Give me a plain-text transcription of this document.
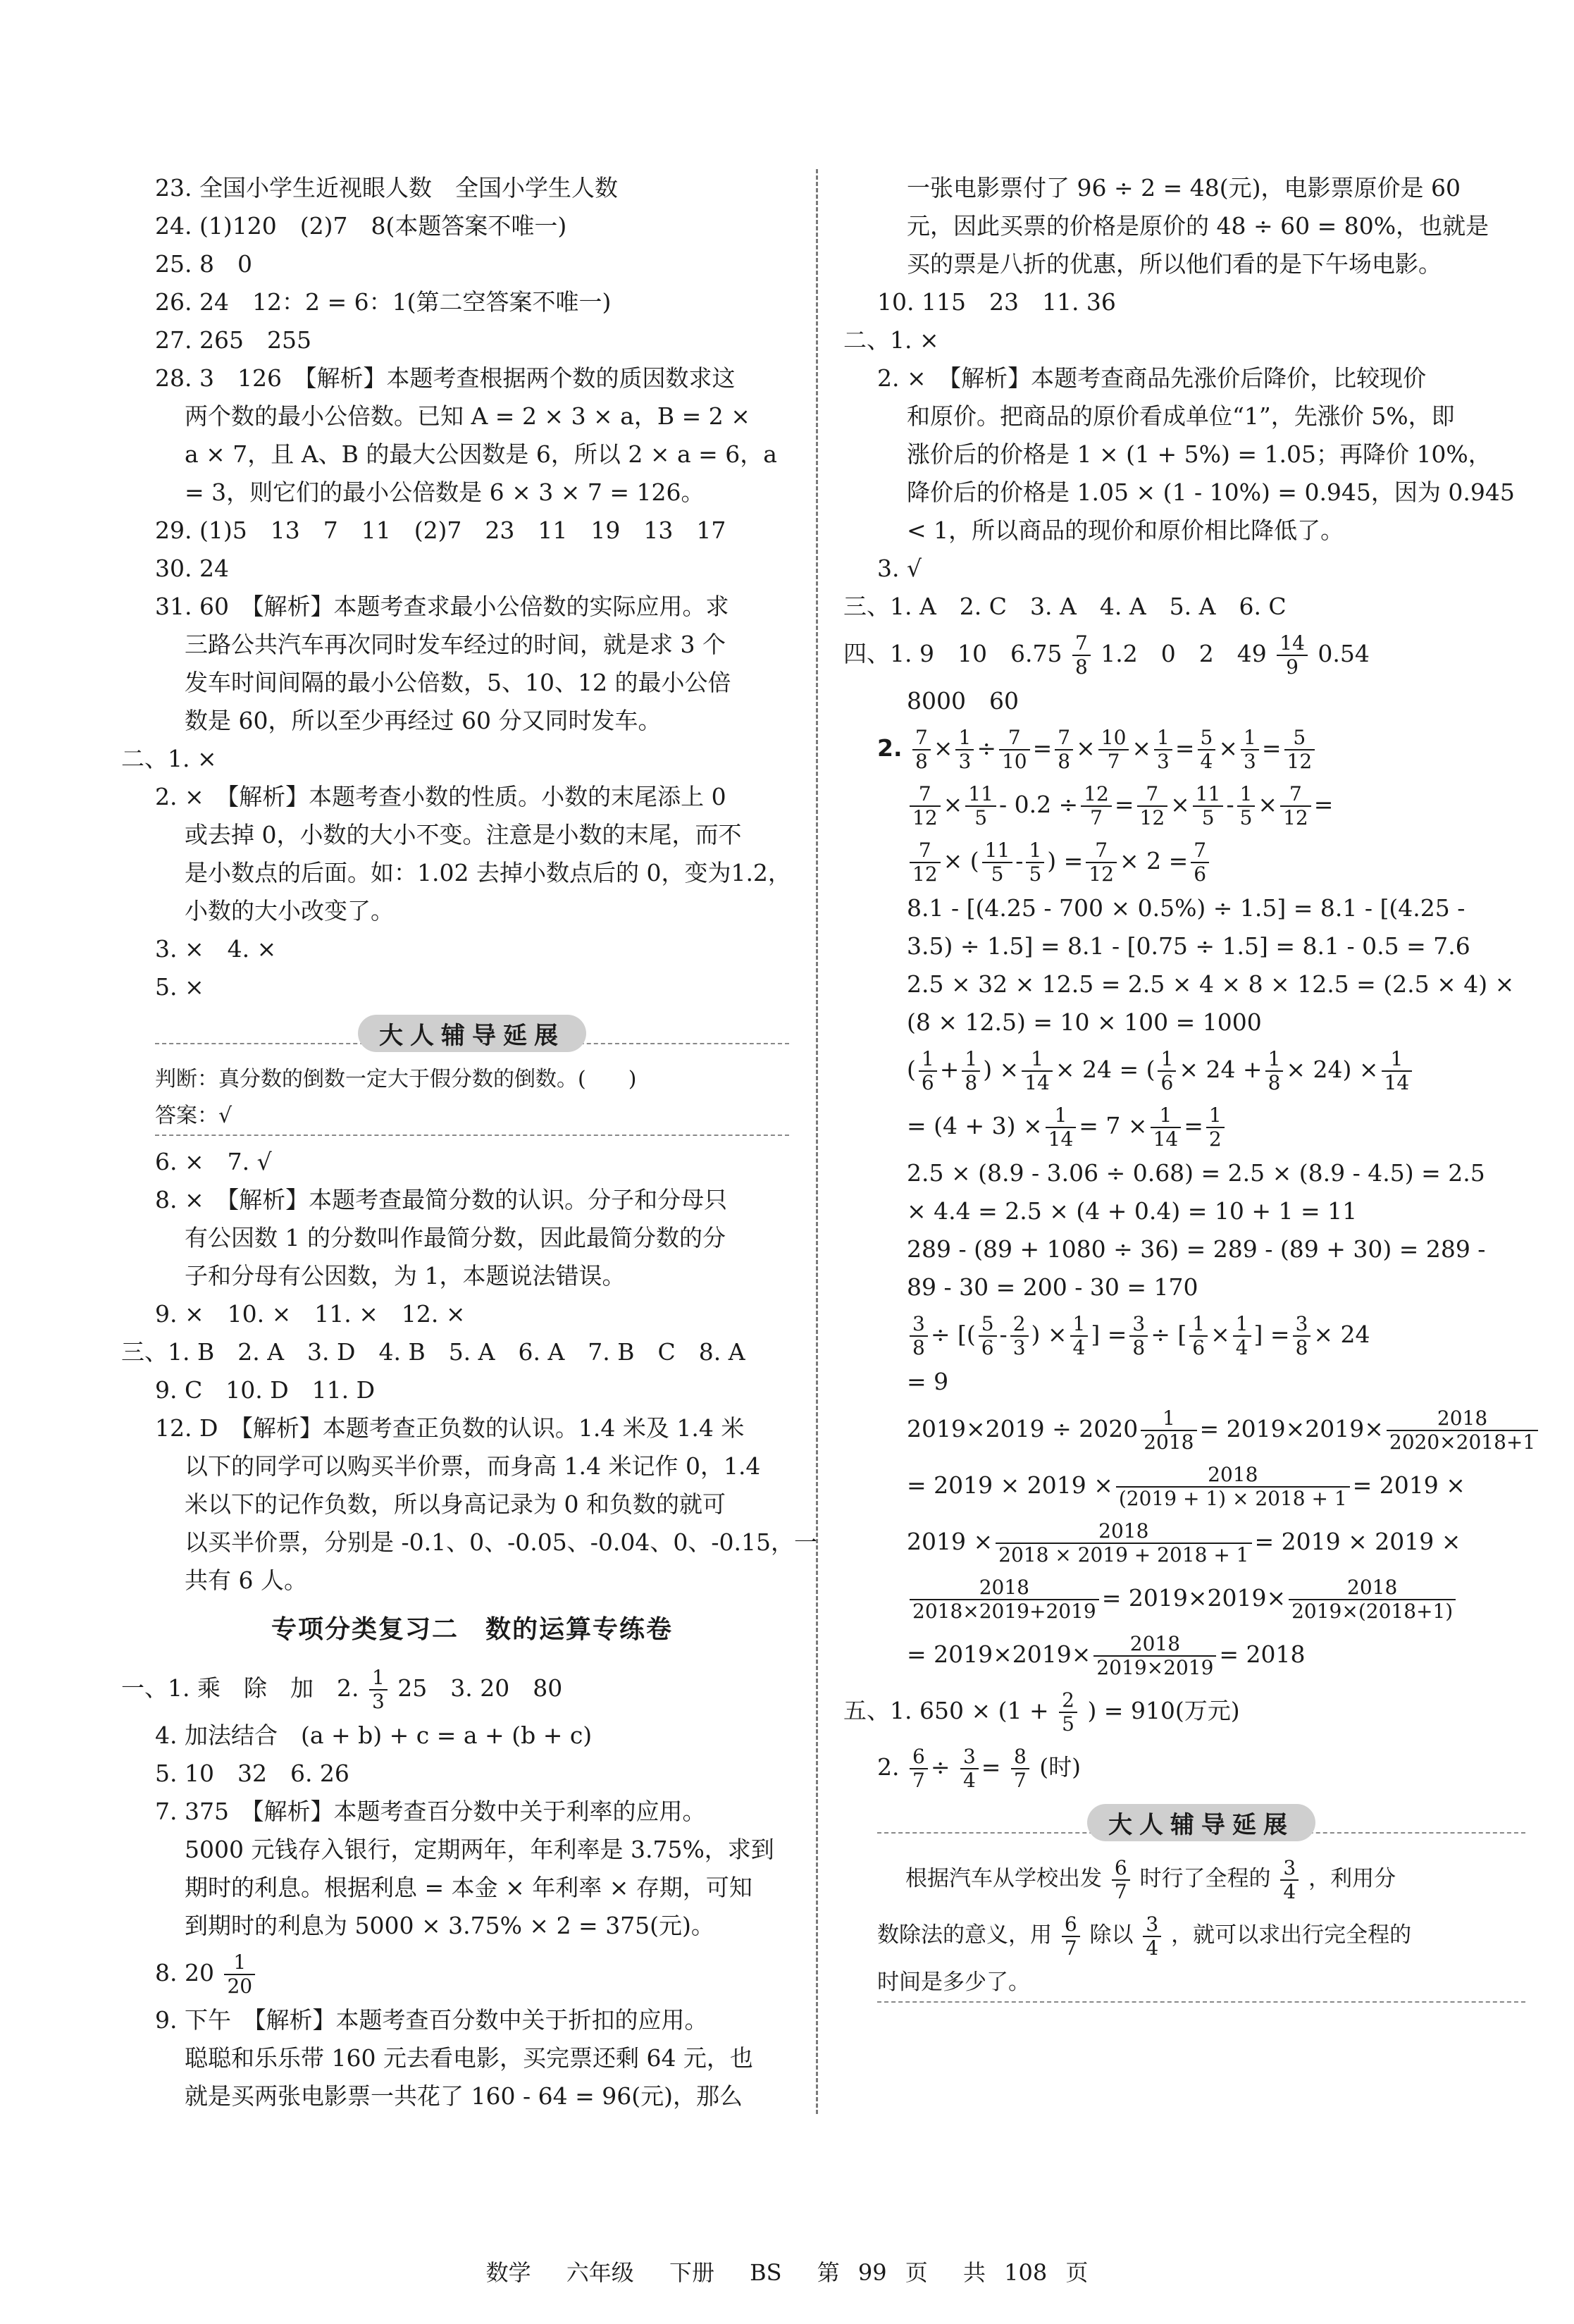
23. 全国小学生近视眼人数　全国小学生人数
24. (1)120　(2)7　8(本题答案不唯一)
25. 8　0
26. 24　12：2 = 6：1(第二空答案不唯一)
27. 265　255
28. 3　126　【解析】本题考查根据两个数的质因数求这
两个数的最小公倍数。已知 A = 2 × 3 × a，B = 2 ×
a × 7，且 A、B 的最大公因数是 6，所以 2 × a = 6，a
= 3，则它们的最小公倍数是 6 × 3 × 7 = 126。
29. (1)5　13　7　11　(2)7　23　11　19　13　17
30. 24
31. 60　【解析】本题考查求最小公倍数的实际应用。求
三路公共汽车再次同时发车经过的时间，就是求 3 个
发车时间间隔的最小公倍数，5、10、12 的最小公倍
数是 60，所以至少再经过 60 分又同时发车。
二、1. ×
2. ×　【解析】本题考查小数的性质。小数的末尾添上 0
或去掉 0，小数的大小不变。注意是小数的末尾，而不
是小数点的后面。如：1.02 去掉小数点后的 0，变为1.2，
小数的大小改变了。
3. ×　4. ×
5. ×
大人辅导延展
判断：真分数的倒数一定大于假分数的倒数。(　　)
答案：√
6. ×　7. √
8. ×　【解析】本题考查最简分数的认识。分子和分母只
有公因数 1 的分数叫作最简分数，因此最简分数的分
子和分母有公因数，为 1，本题说法错误。
9. ×　10. ×　11. ×　12. ×
三、1. B　2. A　3. D　4. B　5. A　6. A　7. B　C　8. A
9. C　10. D　11. D
12. D　【解析】本题考查正负数的认识。1.4 米及 1.4 米
以下的同学可以购买半价票，而身高 1.4 米记作 0，1.4
米以下的记作负数，所以身高记录为 0 和负数的就可
以买半价票，分别是 -0.1、0、-0.05、-0.04、0、-0.15，一
共有 6 人。
专项分类复习二　数的运算专练卷
一、1. 乘　除　加　2. $\frac{1}{3} 25$　3. 20　80
4. 加法结合　(a + b) + c = a + (b + c)
5. 10　32　6. 26
7. 375　【解析】本题考查百分数中关于利率的应用。
5000 元钱存入银行，定期两年，年利率是 3.75%，求到
期时的利息。根据利息 = 本金 × 年利率 × 存期，可知
到期时的利息为 5000 × 3.75% × 2 = 375(元)。
8. $20 \frac{1}{20}$
9. 下午　【解析】本题考查百分数中关于折扣的应用。
聪聪和乐乐带 160 元去看电影，买完票还剩 64 元，也
就是买两张电影票一共花了 160 - 64 = 96(元)，那么
一张电影票付了 96 ÷ 2 = 48(元)，电影票原价是 60
元，因此买票的价格是原价的 48 ÷ 60 = 80%，也就是
买的票是八折的优惠，所以他们看的是下午场电影。
10. 115　23　11. 36
二、1. ×
2. ×　【解析】本题考查商品先涨价后降价，比较现价
和原价。把商品的原价看成单位“1”，先涨价 5%，即
涨价后的价格是 1 × (1 + 5%) = 1.05；再降价 10%，
降价后的价格是 1.05 × (1 - 10%) = 0.945，因为 0.945
< 1，所以商品的现价和原价相比降低了。
3. √
三、1. A　2. C　3. A　4. A　5. A　6. C
四、1. 9　10　$6.75 \frac{7}{8} 1.2$　0　2　$49 \frac{14}{9} 0.54$
8000　60
2. $\frac{7}{8} \times \frac{1}{3} \div \frac{7}{10} = \frac{7}{8} \times \frac{10}{7} \times \frac{1}{3} = \frac{5}{4} \times \frac{1}{3} = \frac{5}{12}$
$\frac{7}{12} \times \frac{11}{5} - 0.2 \div \frac{12}{7} = \frac{7}{12} \times \frac{11}{5} - \frac{1}{5} \times \frac{7}{12}$ =
$\frac{7}{12}$ × ( $\frac{11}{5} - \frac{1}{5}$ ) = $\frac{7}{12} \times 2 = \frac{7}{6}$
8.1 - [(4.25 - 700 × 0.5%) ÷ 1.5] = 8.1 - [(4.25 -
3.5) ÷ 1.5] = 8.1 - [0.75 ÷ 1.5] = 8.1 - 0.5 = 7.6
2.5 × 32 × 12.5 = 2.5 × 4 × 8 × 12.5 = (2.5 × 4) ×
(8 × 12.5) = 10 × 100 = 1000
( $\frac{1}{6} + \frac{1}{8}$ ) × $\frac{1}{14} \times 24$ = ( $\frac{1}{6} \times 24 + \frac{1}{8} \times 24) \times \frac{1}{14}$
= $(4 + 3) \times \frac{1}{14} = 7 \times \frac{1}{14} = \frac{1}{2}$
2.5 × (8.9 - 3.06 ÷ 0.68) = 2.5 × (8.9 - 4.5) = 2.5
× 4.4 = 2.5 × (4 + 0.4) = 10 + 1 = 11
289 - (89 + 1080 ÷ 36) = 289 - (89 + 30) = 289 -
89 - 30 = 200 - 30 = 170
$\frac{3}{8}$ ÷ [( $\frac{5}{6} - \frac{2}{3}$ ) × $\frac{1}{4}$ ] = $\frac{3}{8}$ ÷ [ $\frac{1}{6} \times \frac{1}{4}$ ] = $\frac{3}{8} \times 24$
= 9
$2019\times 2019 \div 2020 \frac{1}{2018} = 2019\times 2019\times \frac{2018}{2020\times 2018+1}$
= $2019 \times 2019 \times \frac{2018}{(2019 + 1) \times 2018 + 1} = 2019$ ×
$2019 \times \frac{2018}{2018 \times 2019 + 2018 + 1} = 2019 \times 2019$ ×
$\frac{2018}{2018\times 2019+2019} = 2019\times 2019\times \frac{2018}{2019\times(2018+1)}$
= $2019\times 2019\times \frac{2018}{2019\times 2019} = 2018$
五、1. $650 \times (1 + \frac{2}{5}$ ) = 910(万元)
2. $\frac{6}{7} \div \frac{3}{4} = \frac{8}{7}$ (时)
大人辅导延展
根据汽车从学校出发 $\frac{6}{7}$ 时行了全程的 $\frac{3}{4}$ ，利用分
数除法的意义，用 $\frac{6}{7}$ 除以 $\frac{3}{4}$ ，就可以求出行完全程的
时间是多少了。
数学 六年级 下册 BS 第 99 页 共 108 页
